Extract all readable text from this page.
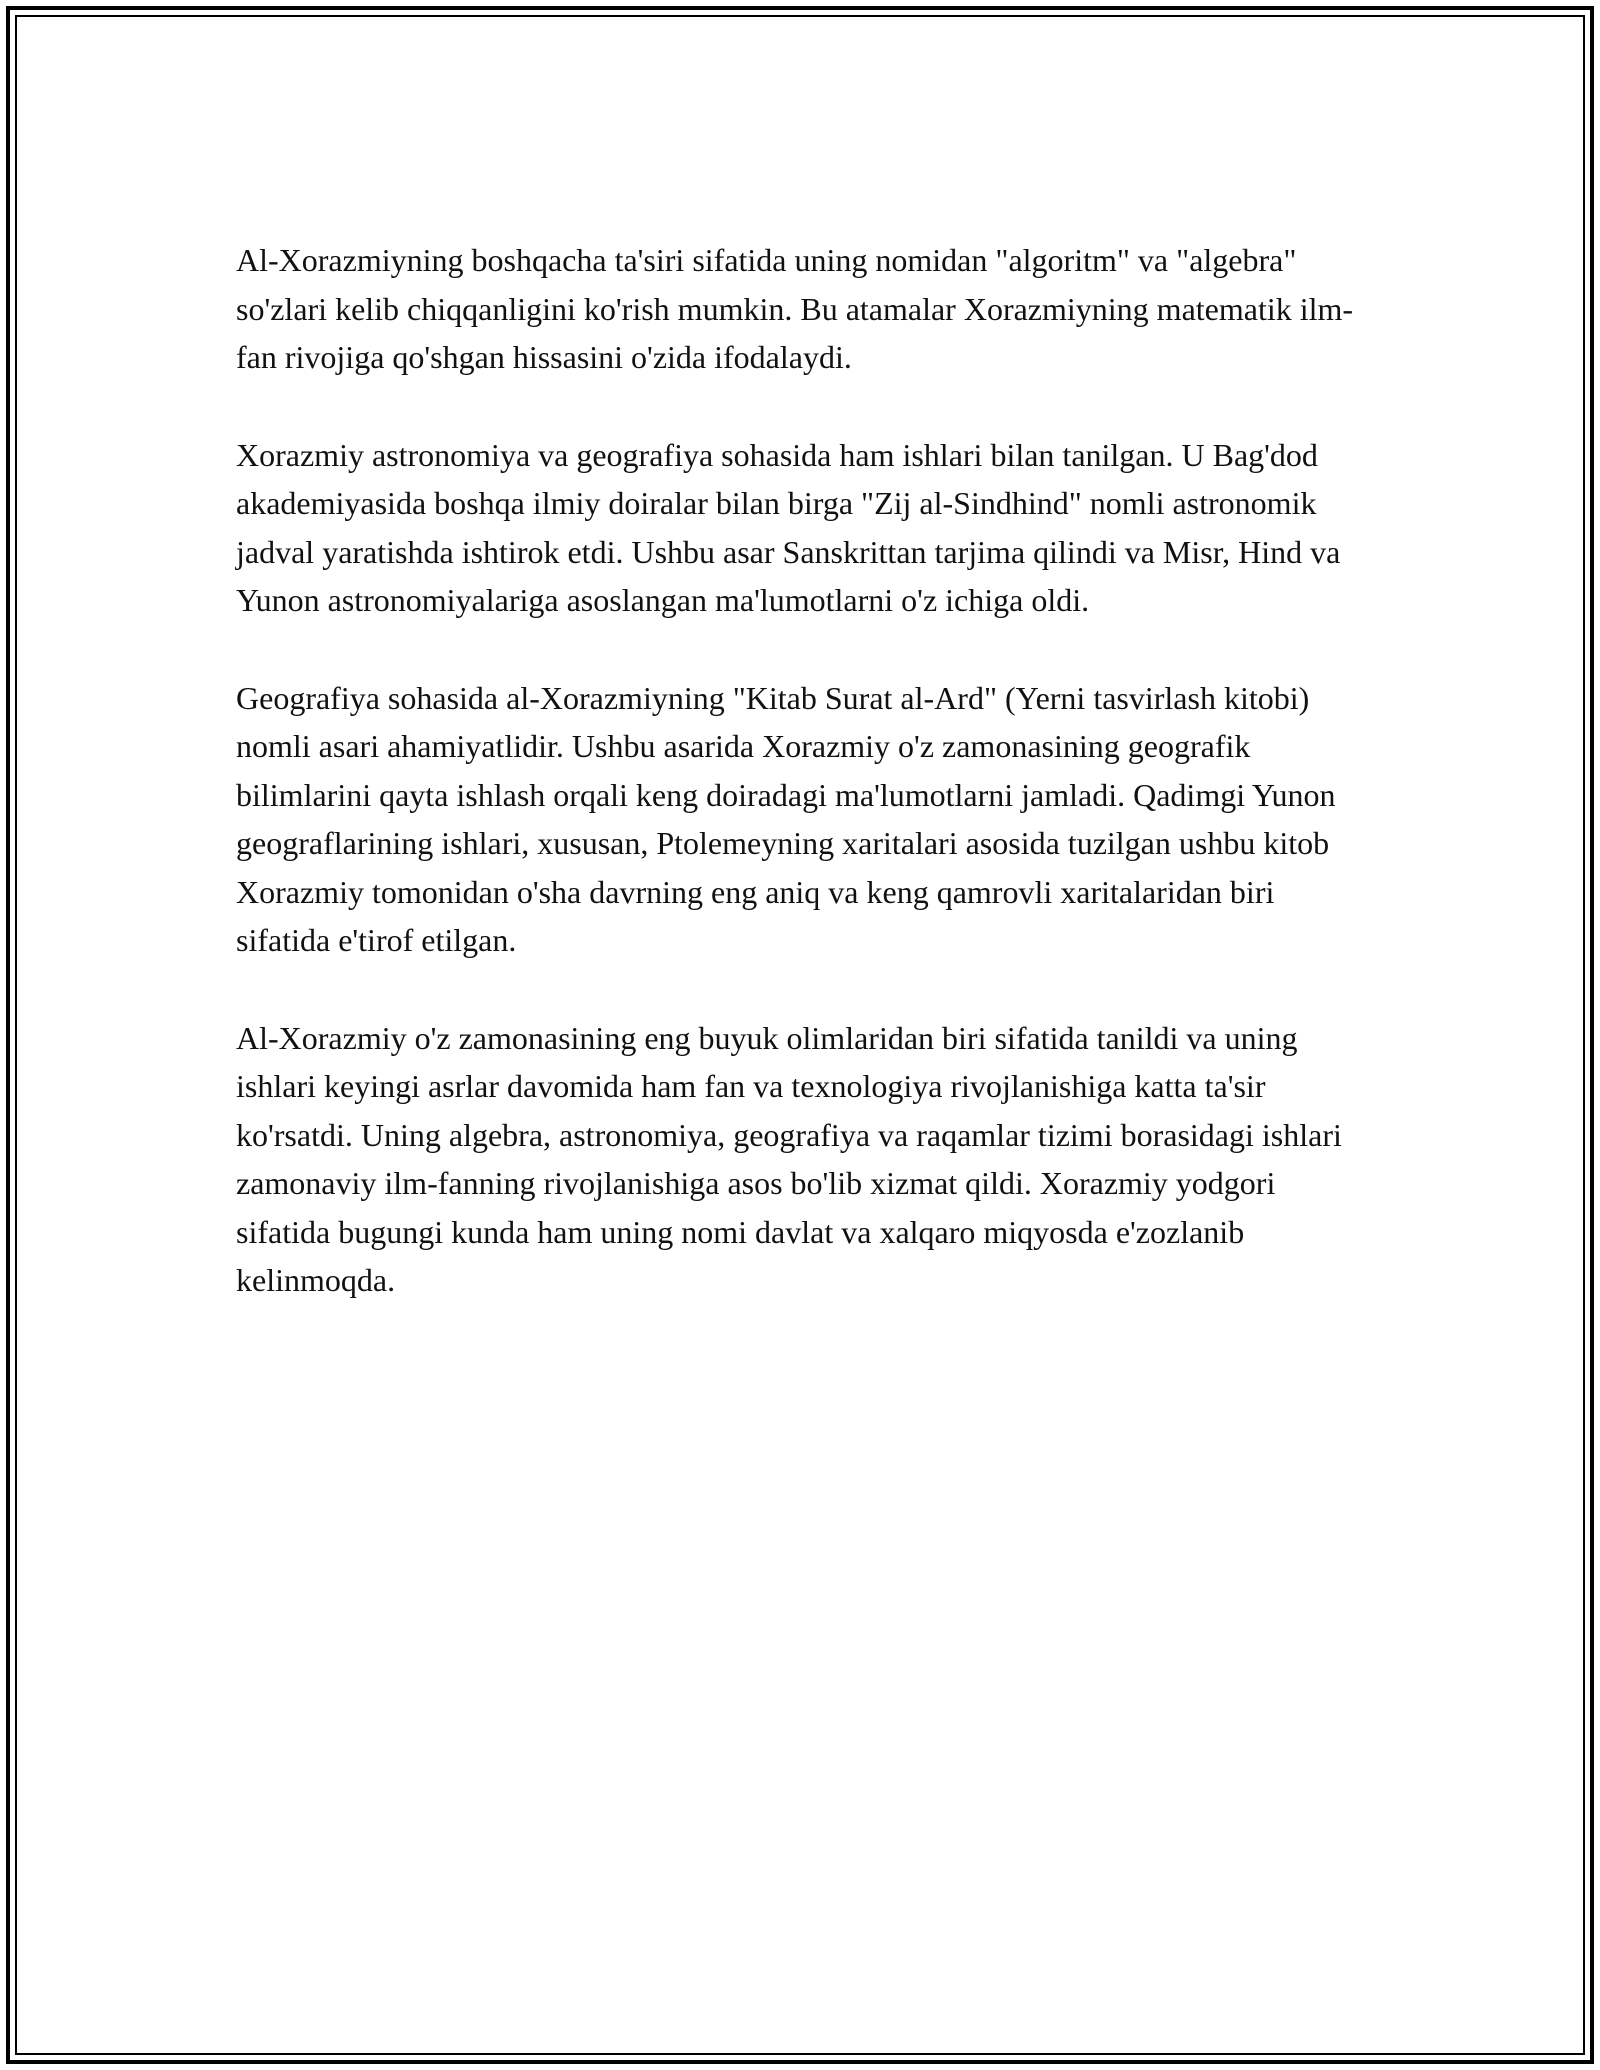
Al-Xorazmiyning boshqacha ta'siri sifatida uning nomidan "algoritm" va "algebra" so'zlari kelib chiqqanligini ko'rish mumkin. Bu atamalar Xorazmiyning matematik ilm-fan rivojiga qo'shgan hissasini o'zida ifodalaydi.

Xorazmiy astronomiya va geografiya sohasida ham ishlari bilan tanilgan. U Bag'dod akademiyasida boshqa ilmiy doiralar bilan birga "Zij al-Sindhind" nomli astronomik jadval yaratishda ishtirok etdi. Ushbu asar Sanskrittan tarjima qilindi va Misr, Hind va Yunon astronomiyalariga asoslangan ma'lumotlarni o'z ichiga oldi.

Geografiya sohasida al-Xorazmiyning "Kitab Surat al-Ard" (Yerni tasvirlash kitobi) nomli asari ahamiyatlidir. Ushbu asarida Xorazmiy o'z zamonasining geografik bilimlarini qayta ishlash orqali keng doiradagi ma'lumotlarni jamladi. Qadimgi Yunon geograflarining ishlari, xususan, Ptolemeyning xaritalari asosida tuzilgan ushbu kitob Xorazmiy tomonidan o'sha davrning eng aniq va keng qamrovli xaritalaridan biri sifatida e'tirof etilgan.

Al-Xorazmiy o'z zamonasining eng buyuk olimlaridan biri sifatida tanildi va uning ishlari keyingi asrlar davomida ham fan va texnologiya rivojlanishiga katta ta'sir ko'rsatdi. Uning algebra, astronomiya, geografiya va raqamlar tizimi borasidagi ishlari zamonaviy ilm-fanning rivojlanishiga asos bo'lib xizmat qildi. Xorazmiy yodgori sifatida bugungi kunda ham uning nomi davlat va xalqaro miqyosda e'zozlanib kelinmoqda.
